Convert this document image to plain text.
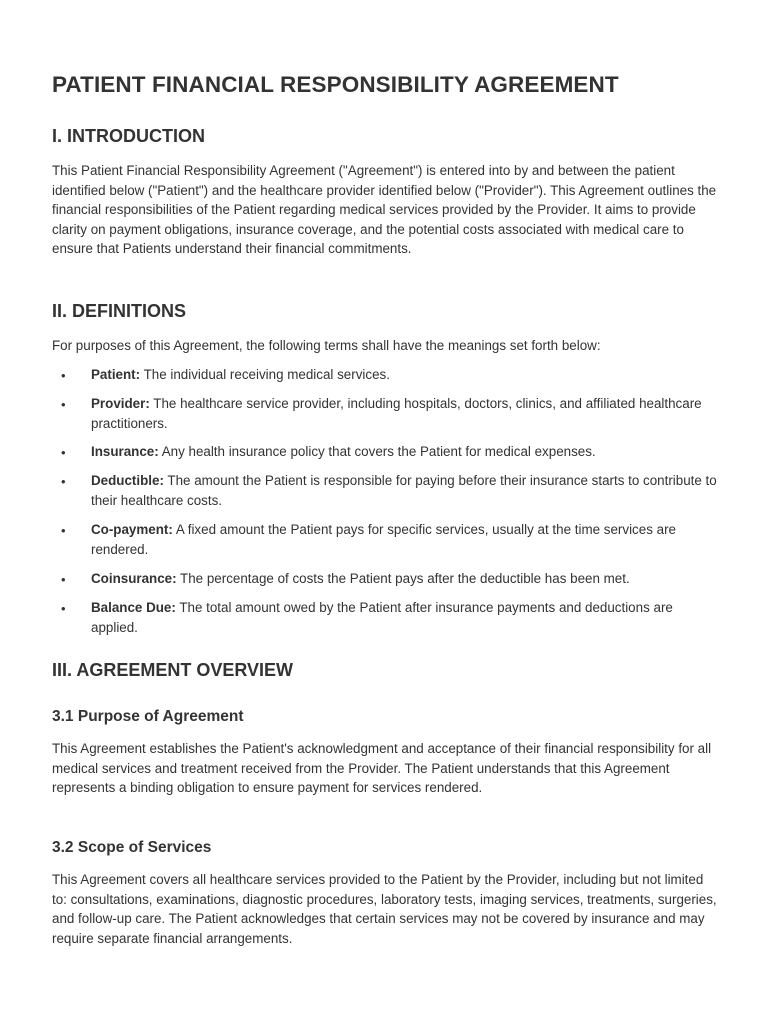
PATIENT FINANCIAL RESPONSIBILITY AGREEMENT
I. INTRODUCTION

This Patient Financial Responsibility Agreement ("Agreement") is entered into by and between the patient identified below ("Patient") and the healthcare provider identified below ("Provider"). This Agreement outlines the financial responsibilities of the Patient regarding medical services provided by the Provider. It aims to provide clarity on payment obligations, insurance coverage, and the potential costs associated with medical care to ensure that Patients understand their financial commitments.

II. DEFINITIONS

For purposes of this Agreement, the following terms shall have the meanings set forth below:

• Patient: The individual receiving medical services.
• Provider: The healthcare service provider, including hospitals, doctors, clinics, and affiliated healthcare practitioners.
• Insurance: Any health insurance policy that covers the Patient for medical expenses.
• Deductible: The amount the Patient is responsible for paying before their insurance starts to contribute to their healthcare costs.
• Co-payment: A fixed amount the Patient pays for specific services, usually at the time services are rendered.
• Coinsurance: The percentage of costs the Patient pays after the deductible has been met.
• Balance Due: The total amount owed by the Patient after insurance payments and deductions are applied.
III. AGREEMENT OVERVIEW
3.1 Purpose of Agreement

This Agreement establishes the Patient's acknowledgment and acceptance of their financial responsibility for all medical services and treatment received from the Provider. The Patient understands that this Agreement represents a binding obligation to ensure payment for services rendered.

3.2 Scope of Services

This Agreement covers all healthcare services provided to the Patient by the Provider, including but not limited to: consultations, examinations, diagnostic procedures, laboratory tests, imaging services, treatments, surgeries, and follow-up care. The Patient acknowledges that certain services may not be covered by insurance and may require separate financial arrangements.
